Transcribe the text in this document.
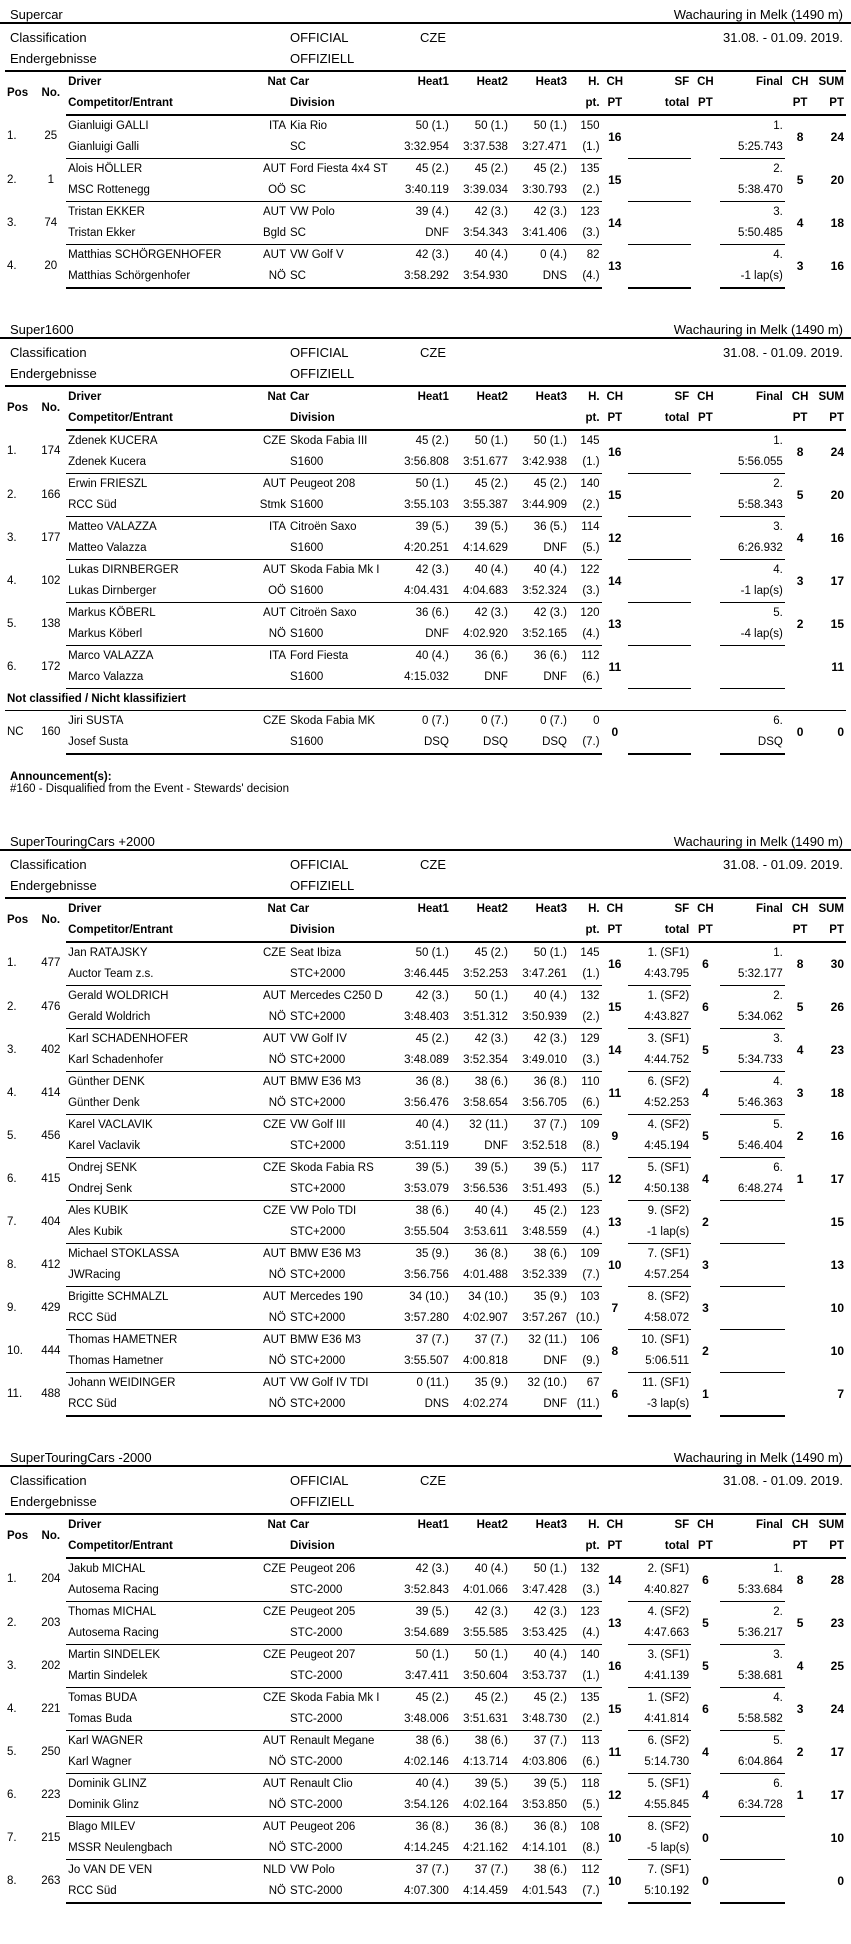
Supercar	Wachauring in Melk (1490 m)
Classification	OFFICIAL	CZE	31.08. - 01.09. 2019.
Endergebnisse	OFFIZIELL
Pos	No.	Driver	Nat	Car	Heat1	Heat2	Heat3	H.	CH	SF	CH	Final	CH	SUM
		Competitor/Entrant		Division				pt.	PT	total	PT		PT	PT
1.	25	Gianluigi GALLI	ITA	Kia Rio	50 (1.)	50 (1.)	50 (1.)	150	16			1.	8	24
		Gianluigi Galli		SC	3:32.954	3:37.538	3:27.471	(1.)				5:25.743		
2.	1	Alois HÖLLER	AUT	Ford Fiesta 4x4 ST	45 (2.)	45 (2.)	45 (2.)	135	15			2.	5	20
		MSC Rottenegg	OÖ	SC	3:40.119	3:39.034	3:30.793	(2.)				5:38.470		
3.	74	Tristan EKKER	AUT	VW Polo	39 (4.)	42 (3.)	42 (3.)	123	14			3.	4	18
		Tristan Ekker	Bgld	SC	DNF	3:54.343	3:41.406	(3.)				5:50.485		
4.	20	Matthias SCHÖRGENHOFER	AUT	VW Golf V	42 (3.)	40 (4.)	0 (4.)	82	13			4.	3	16
		Matthias Schörgenhofer	NÖ	SC	3:58.292	3:54.930	DNS	(4.)				-1 lap(s)		
Super1600	Wachauring in Melk (1490 m)
Classification	OFFICIAL	CZE	31.08. - 01.09. 2019.
Endergebnisse	OFFIZIELL
Pos	No.	Driver	Nat	Car	Heat1	Heat2	Heat3	H.	CH	SF	CH	Final	CH	SUM
		Competitor/Entrant		Division				pt.	PT	total	PT		PT	PT
1.	174	Zdenek KUCERA	CZE	Skoda Fabia III	45 (2.)	50 (1.)	50 (1.)	145	16			1.	8	24
		Zdenek Kucera		S1600	3:56.808	3:51.677	3:42.938	(1.)				5:56.055		
2.	166	Erwin FRIESZL	AUT	Peugeot 208	50 (1.)	45 (2.)	45 (2.)	140	15			2.	5	20
		RCC Süd	Stmk	S1600	3:55.103	3:55.387	3:44.909	(2.)				5:58.343		
3.	177	Matteo VALAZZA	ITA	Citroën Saxo	39 (5.)	39 (5.)	36 (5.)	114	12			3.	4	16
		Matteo Valazza		S1600	4:20.251	4:14.629	DNF	(5.)				6:26.932		
4.	102	Lukas DIRNBERGER	AUT	Skoda Fabia Mk I	42 (3.)	40 (4.)	40 (4.)	122	14			4.	3	17
		Lukas Dirnberger	OÖ	S1600	4:04.431	4:04.683	3:52.324	(3.)				-1 lap(s)		
5.	138	Markus KÖBERL	AUT	Citroën Saxo	36 (6.)	42 (3.)	42 (3.)	120	13			5.	2	15
		Markus Köberl	NÖ	S1600	DNF	4:02.920	3:52.165	(4.)				-4 lap(s)		
6.	172	Marco VALAZZA	ITA	Ford Fiesta	40 (4.)	36 (6.)	36 (6.)	112	11					11
		Marco Valazza		S1600	4:15.032	DNF	DNF	(6.)						
Not classified / Nicht klassifiziert														
NC	160	Jiri SUSTA	CZE	Skoda Fabia MK	0 (7.)	0 (7.)	0 (7.)	0	0			6.	0	0
		Josef Susta		S1600	DSQ	DSQ	DSQ	(7.)				DSQ		
Announcement(s):
#160 - Disqualified from the Event - Stewards' decision
SuperTouringCars +2000	Wachauring in Melk (1490 m)
Classification	OFFICIAL	CZE	31.08. - 01.09. 2019.
Endergebnisse	OFFIZIELL
Pos	No.	Driver	Nat	Car	Heat1	Heat2	Heat3	H.	CH	SF	CH	Final	CH	SUM
		Competitor/Entrant		Division				pt.	PT	total	PT		PT	PT
1.	477	Jan RATAJSKY	CZE	Seat Ibiza	50 (1.)	45 (2.)	50 (1.)	145	16	1. (SF1)	6	1.	8	30
		Auctor Team z.s.		STC+2000	3:46.445	3:52.253	3:47.261	(1.)		4:43.795		5:32.177		
2.	476	Gerald WOLDRICH	AUT	Mercedes C250 D	42 (3.)	50 (1.)	40 (4.)	132	15	1. (SF2)	6	2.	5	26
		Gerald Woldrich	NÖ	STC+2000	3:48.403	3:51.312	3:50.939	(2.)		4:43.827		5:34.062		
3.	402	Karl SCHADENHOFER	AUT	VW Golf IV	45 (2.)	42 (3.)	42 (3.)	129	14	3. (SF1)	5	3.	4	23
		Karl Schadenhofer	NÖ	STC+2000	3:48.089	3:52.354	3:49.010	(3.)		4:44.752		5:34.733		
4.	414	Günther DENK	AUT	BMW E36 M3	36 (8.)	38 (6.)	36 (8.)	110	11	6. (SF2)	4	4.	3	18
		Günther Denk	NÖ	STC+2000	3:56.476	3:58.654	3:56.705	(6.)		4:52.253		5:46.363		
5.	456	Karel VACLAVIK	CZE	VW Golf III	40 (4.)	32 (11.)	37 (7.)	109	9	4. (SF2)	5	5.	2	16
		Karel Vaclavik		STC+2000	3:51.119	DNF	3:52.518	(8.)		4:45.194		5:46.404		
6.	415	Ondrej SENK	CZE	Skoda Fabia RS	39 (5.)	39 (5.)	39 (5.)	117	12	5. (SF1)	4	6.	1	17
		Ondrej Senk		STC+2000	3:53.079	3:56.536	3:51.493	(5.)		4:50.138		6:48.274		
7.	404	Ales KUBIK	CZE	VW Polo TDI	38 (6.)	40 (4.)	45 (2.)	123	13	9. (SF2)	2			15
		Ales Kubik		STC+2000	3:55.504	3:53.611	3:48.559	(4.)		-1 lap(s)				
8.	412	Michael STOKLASSA	AUT	BMW E36 M3	35 (9.)	36 (8.)	38 (6.)	109	10	7. (SF1)	3			13
		JWRacing	NÖ	STC+2000	3:56.756	4:01.488	3:52.339	(7.)		4:57.254				
9.	429	Brigitte SCHMALZL	AUT	Mercedes 190	34 (10.)	34 (10.)	35 (9.)	103	7	8. (SF2)	3			10
		RCC Süd	NÖ	STC+2000	3:57.280	4:02.907	3:57.267	(10.)		4:58.072				
10.	444	Thomas HAMETNER	AUT	BMW E36 M3	37 (7.)	37 (7.)	32 (11.)	106	8	10. (SF1)	2			10
		Thomas Hametner	NÖ	STC+2000	3:55.507	4:00.818	DNF	(9.)		5:06.511				
11.	488	Johann WEIDINGER	AUT	VW Golf IV TDI	0 (11.)	35 (9.)	32 (10.)	67	6	11. (SF1)	1			7
		RCC Süd	NÖ	STC+2000	DNS	4:02.274	DNF	(11.)		-3 lap(s)				
SuperTouringCars -2000	Wachauring in Melk (1490 m)
Classification	OFFICIAL	CZE	31.08. - 01.09. 2019.
Endergebnisse	OFFIZIELL
Pos	No.	Driver	Nat	Car	Heat1	Heat2	Heat3	H.	CH	SF	CH	Final	CH	SUM
		Competitor/Entrant		Division				pt.	PT	total	PT		PT	PT
1.	204	Jakub MICHAL	CZE	Peugeot 206	42 (3.)	40 (4.)	50 (1.)	132	14	2. (SF1)	6	1.	8	28
		Autosema Racing		STC-2000	3:52.843	4:01.066	3:47.428	(3.)		4:40.827		5:33.684		
2.	203	Thomas MICHAL	CZE	Peugeot 205	39 (5.)	42 (3.)	42 (3.)	123	13	4. (SF2)	5	2.	5	23
		Autosema Racing		STC-2000	3:54.689	3:55.585	3:53.425	(4.)		4:47.663		5:36.217		
3.	202	Martin SINDELEK	CZE	Peugeot 207	50 (1.)	50 (1.)	40 (4.)	140	16	3. (SF1)	5	3.	4	25
		Martin Sindelek		STC-2000	3:47.411	3:50.604	3:53.737	(1.)		4:41.139		5:38.681		
4.	221	Tomas BUDA	CZE	Skoda Fabia Mk I	45 (2.)	45 (2.)	45 (2.)	135	15	1. (SF2)	6	4.	3	24
		Tomas Buda		STC-2000	3:48.006	3:51.631	3:48.730	(2.)		4:41.814		5:58.582		
5.	250	Karl WAGNER	AUT	Renault Megane	38 (6.)	38 (6.)	37 (7.)	113	11	6. (SF2)	4	5.	2	17
		Karl Wagner	NÖ	STC-2000	4:02.146	4:13.714	4:03.806	(6.)		5:14.730		6:04.864		
6.	223	Dominik GLINZ	AUT	Renault Clio	40 (4.)	39 (5.)	39 (5.)	118	12	5. (SF1)	4	6.	1	17
		Dominik Glinz	NÖ	STC-2000	3:54.126	4:02.164	3:53.850	(5.)		4:55.845		6:34.728		
7.	215	Blago MILEV	AUT	Peugeot 206	36 (8.)	36 (8.)	36 (8.)	108	10	8. (SF2)	0			10
		MSSR Neulengbach	NÖ	STC-2000	4:14.245	4:21.162	4:14.101	(8.)		-5 lap(s)				
8.	263	Jo VAN DE VEN	NLD	VW Polo	37 (7.)	37 (7.)	38 (6.)	112	10	7. (SF1)	0			0
		RCC Süd	NÖ	STC-2000	4:07.300	4:14.459	4:01.543	(7.)		5:10.192				
